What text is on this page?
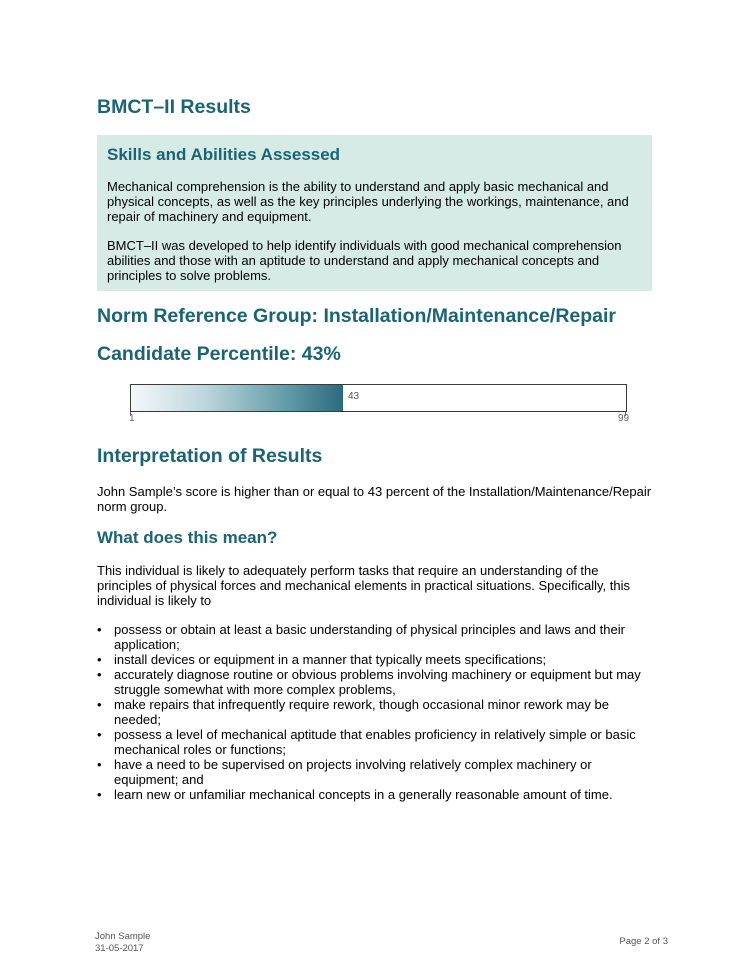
BMCT–II Results
Skills and Abilities Assessed

Mechanical comprehension is the ability to understand and apply basic mechanical and physical concepts, as well as the key principles underlying the workings, maintenance, and repair of machinery and equipment.

BMCT–II was developed to help identify individuals with good mechanical comprehension abilities and those with an aptitude to understand and apply mechanical concepts and principles to solve problems.

Norm Reference Group: Installation/Maintenance/Repair
Candidate Percentile: 43%
43
1	99
Interpretation of Results

John Sample’s score is higher than or equal to 43 percent of the Installation/Maintenance/Repair norm group.

What does this mean?

This individual is likely to adequately perform tasks that require an understanding of the principles of physical forces and mechanical elements in practical situations. Specifically, this individual is likely to

• possess or obtain at least a basic understanding of physical principles and laws and their application;
• install devices or equipment in a manner that typically meets specifications;
• accurately diagnose routine or obvious problems involving machinery or equipment but may struggle somewhat with more complex problems,
• make repairs that infrequently require rework, though occasional minor rework may be needed;
• possess a level of mechanical aptitude that enables proficiency in relatively simple or basic mechanical roles or functions;
• have a need to be supervised on projects involving relatively complex machinery or equipment; and
• learn new or unfamiliar mechanical concepts in a generally reasonable amount of time.
John Sample
31-05-2017
Page 2 of 3
